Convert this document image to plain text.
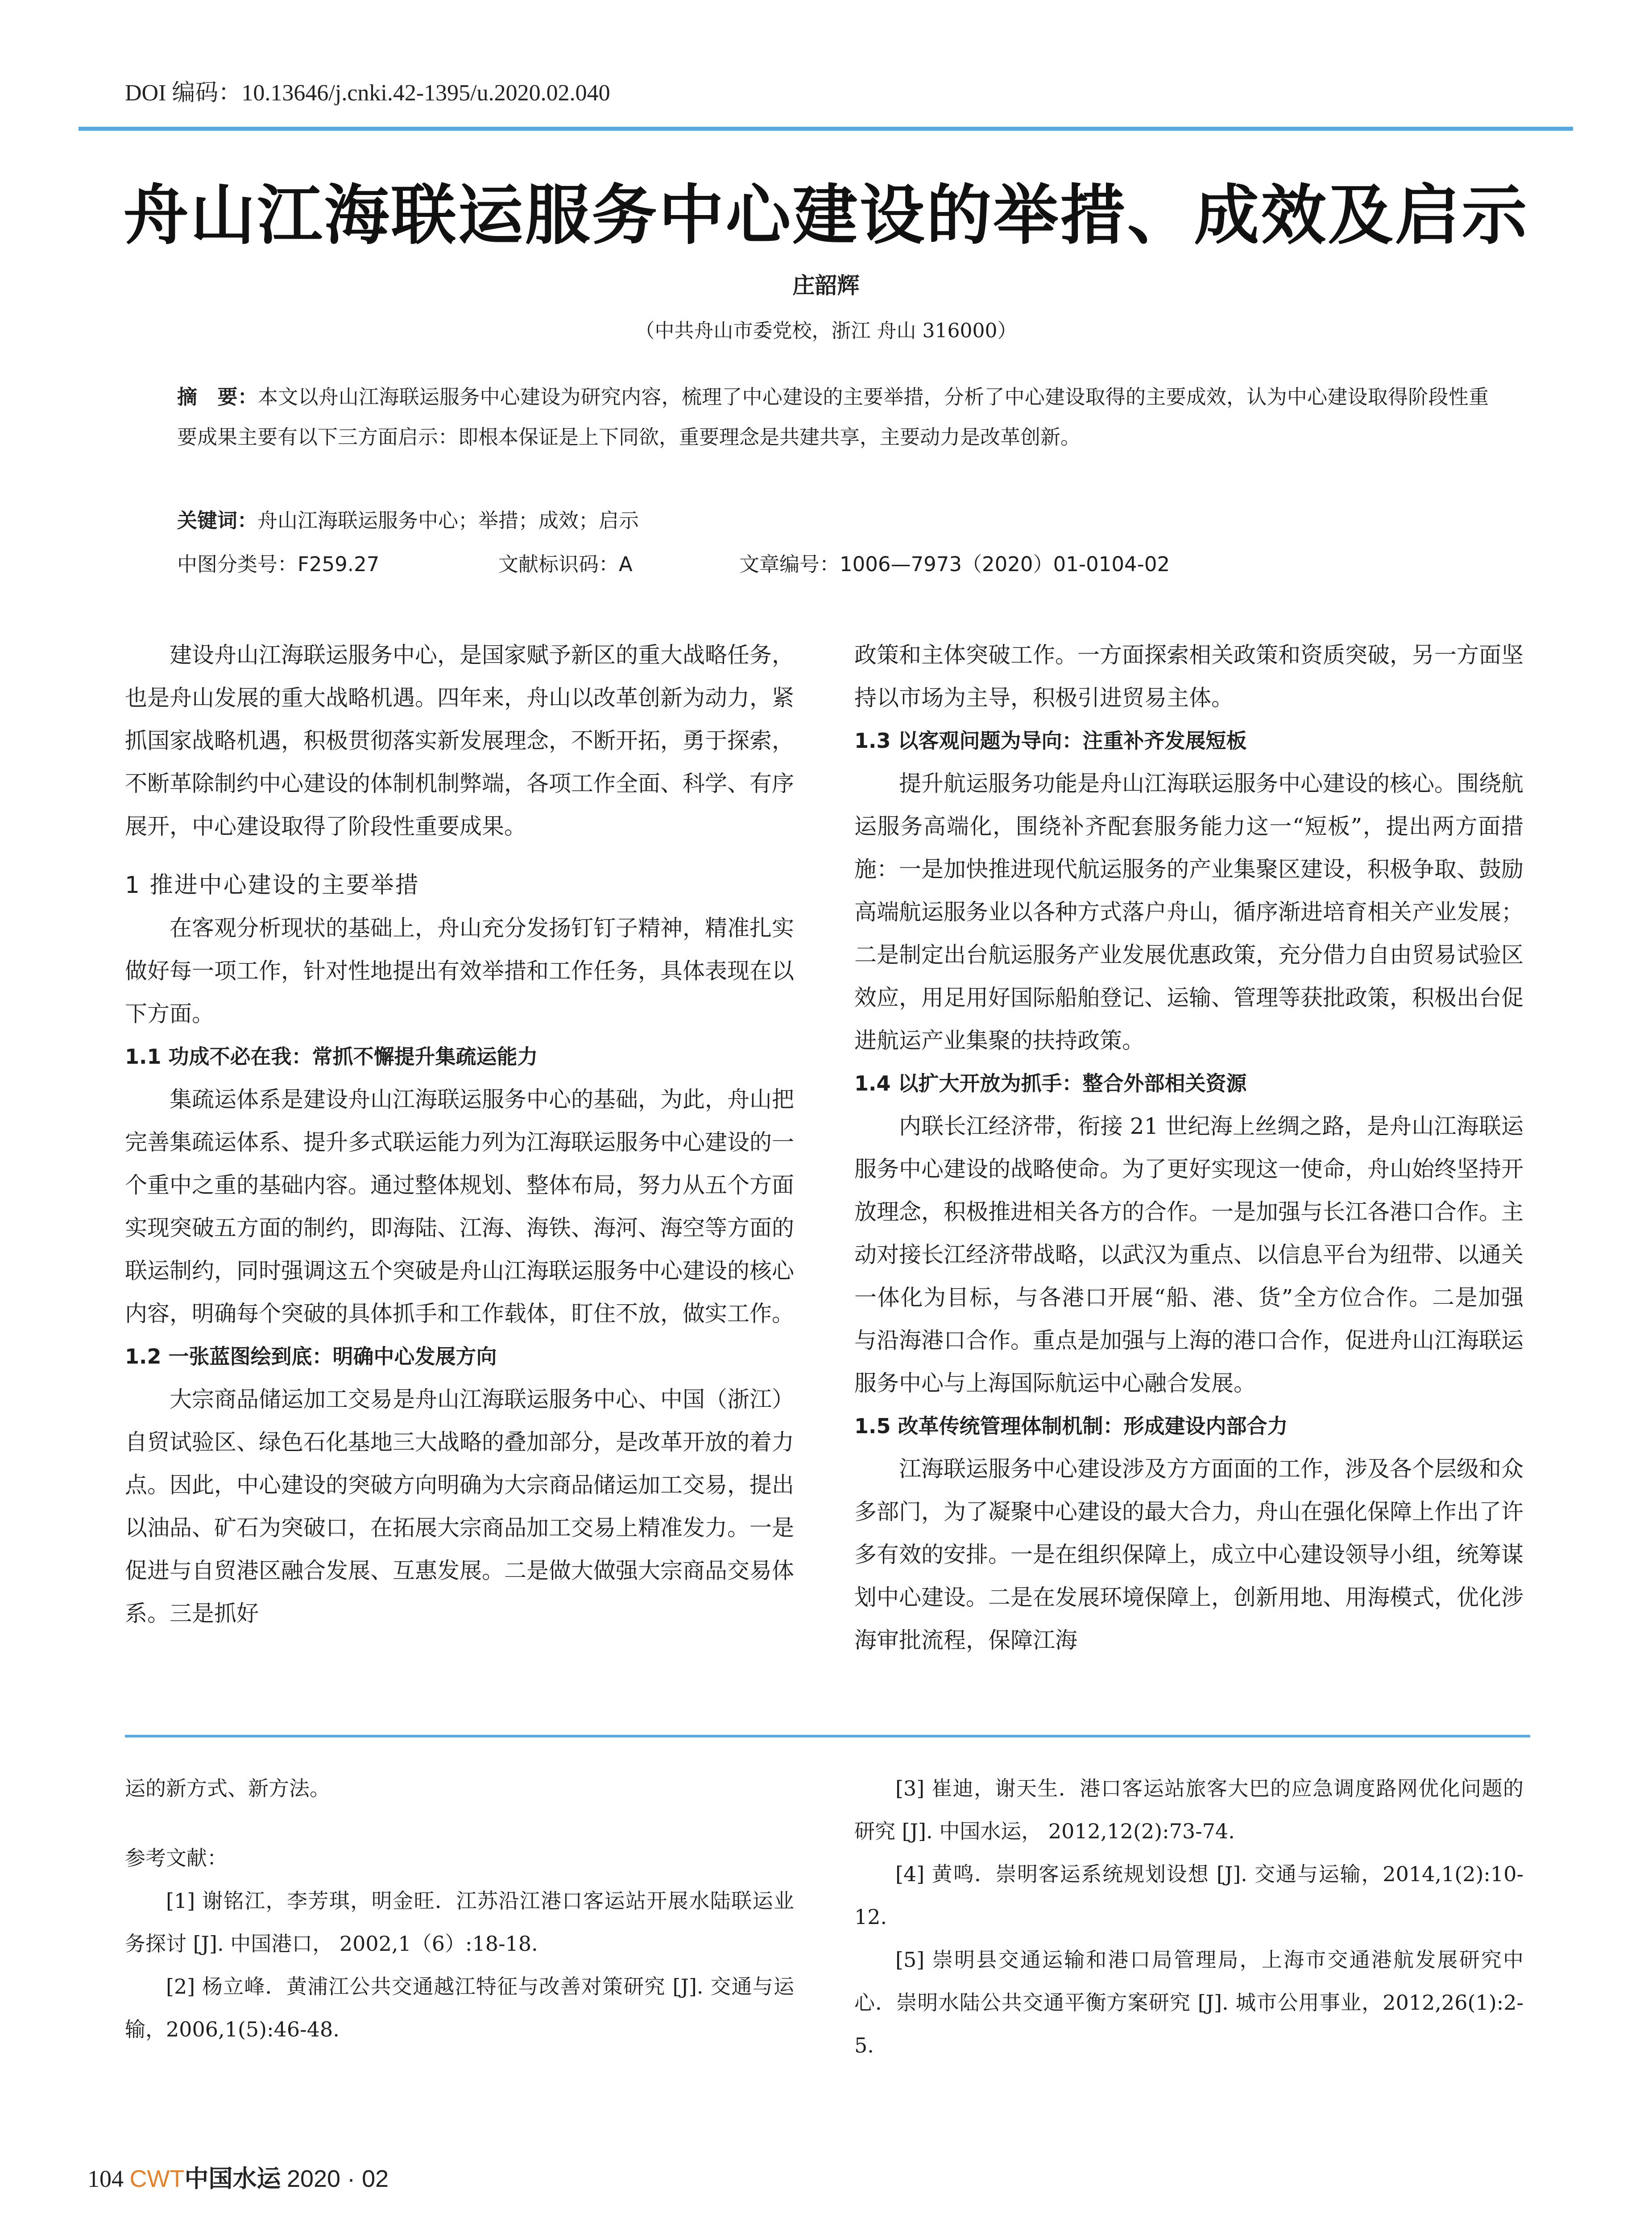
DOI 编码：10.13646/j.cnki.42-1395/u.2020.02.040
舟山江海联运服务中心建设的举措、成效及启示
庄韶辉
（中共舟山市委党校，浙江 舟山 316000）
摘　要：本文以舟山江海联运服务中心建设为研究内容，梳理了中心建设的主要举措，分析了中心建设取得的主要成效，认为中心建设取得阶段性重要成果主要有以下三方面启示：即根本保证是上下同欲，重要理念是共建共享，主要动力是改革创新。
关键词：舟山江海联运服务中心；举措；成效；启示
中图分类号：F259.27	文献标识码：A	文章编号：1006—7973（2020）01-0104-02

建设舟山江海联运服务中心，是国家赋予新区的重大战略任务，也是舟山发展的重大战略机遇。四年来，舟山以改革创新为动力，紧抓国家战略机遇，积极贯彻落实新发展理念，不断开拓，勇于探索，不断革除制约中心建设的体制机制弊端，各项工作全面、科学、有序展开，中心建设取得了阶段性重要成果。

1 推进中心建设的主要举措

在客观分析现状的基础上，舟山充分发扬钉钉子精神，精准扎实做好每一项工作，针对性地提出有效举措和工作任务，具体表现在以下方面。

1.1 功成不必在我：常抓不懈提升集疏运能力

集疏运体系是建设舟山江海联运服务中心的基础，为此，舟山把完善集疏运体系、提升多式联运能力列为江海联运服务中心建设的一个重中之重的基础内容。通过整体规划、整体布局，努力从五个方面实现突破五方面的制约，即海陆、江海、海铁、海河、海空等方面的联运制约，同时强调这五个突破是舟山江海联运服务中心建设的核心内容，明确每个突破的具体抓手和工作载体，盯住不放，做实工作。

1.2 一张蓝图绘到底：明确中心发展方向

大宗商品储运加工交易是舟山江海联运服务中心、中国（浙江）自贸试验区、绿色石化基地三大战略的叠加部分，是改革开放的着力点。因此，中心建设的突破方向明确为大宗商品储运加工交易，提出以油品、矿石为突破口，在拓展大宗商品加工交易上精准发力。一是促进与自贸港区融合发展、互惠发展。二是做大做强大宗商品交易体系。三是抓好

政策和主体突破工作。一方面探索相关政策和资质突破，另一方面坚持以市场为主导，积极引进贸易主体。

1.3 以客观问题为导向：注重补齐发展短板

提升航运服务功能是舟山江海联运服务中心建设的核心。围绕航运服务高端化，围绕补齐配套服务能力这一“短板”，提出两方面措施：一是加快推进现代航运服务的产业集聚区建设，积极争取、鼓励高端航运服务业以各种方式落户舟山，循序渐进培育相关产业发展；二是制定出台航运服务产业发展优惠政策，充分借力自由贸易试验区效应，用足用好国际船舶登记、运输、管理等获批政策，积极出台促进航运产业集聚的扶持政策。

1.4 以扩大开放为抓手：整合外部相关资源

内联长江经济带，衔接 21 世纪海上丝绸之路，是舟山江海联运服务中心建设的战略使命。为了更好实现这一使命，舟山始终坚持开放理念，积极推进相关各方的合作。一是加强与长江各港口合作。主动对接长江经济带战略，以武汉为重点、以信息平台为纽带、以通关一体化为目标，与各港口开展“船、港、货”全方位合作。二是加强与沿海港口合作。重点是加强与上海的港口合作，促进舟山江海联运服务中心与上海国际航运中心融合发展。

1.5 改革传统管理体制机制：形成建设内部合力

江海联运服务中心建设涉及方方面面的工作，涉及各个层级和众多部门，为了凝聚中心建设的最大合力，舟山在强化保障上作出了许多有效的安排。一是在组织保障上，成立中心建设领导小组，统筹谋划中心建设。二是在发展环境保障上，创新用地、用海模式，优化涉海审批流程，保障江海

运的新方式、新方法。

参考文献：

[1] 谢铭江，李芳琪，明金旺．江苏沿江港口客运站开展水陆联运业务探讨 [J]. 中国港口， 2002,1（6）:18-18.

[2] 杨立峰．黄浦江公共交通越江特征与改善对策研究 [J]. 交通与运输，2006,1(5):46-48.

[3] 崔迪，谢天生．港口客运站旅客大巴的应急调度路网优化问题的研究 [J]. 中国水运， 2012,12(2):73-74.

[4] 黄鸣．崇明客运系统规划设想 [J]. 交通与运输，2014,1(2):10-12.

[5] 崇明县交通运输和港口局管理局，上海市交通港航发展研究中心．崇明水陆公共交通平衡方案研究 [J]. 城市公用事业，2012,26(1):2-5.

104 CWT中国水运 2020 · 02
